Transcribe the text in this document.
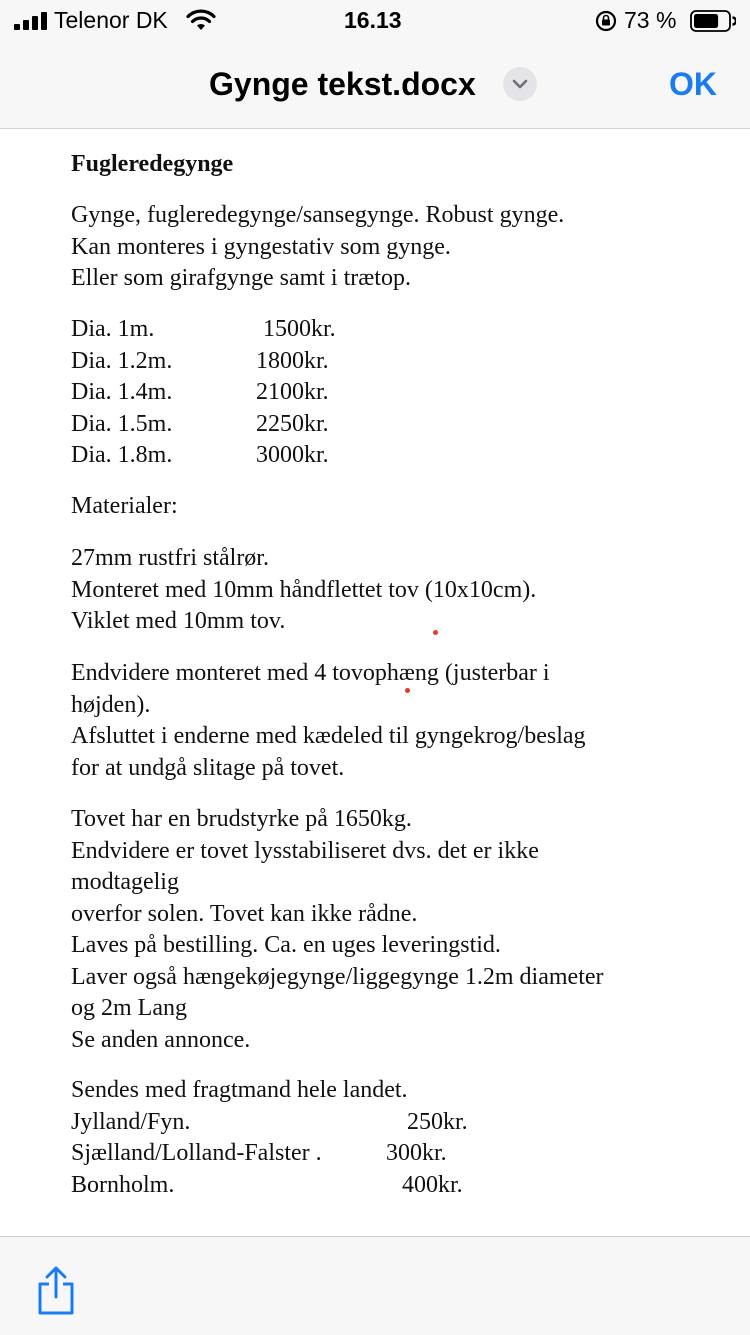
Telenor DK	16.13	73 %
Gynge tekst.docx	OK

Fugleredegynge

Gynge, fugleredegynge/sansegynge. Robust gynge.
Kan monteres i gyngestativ som gynge.
Eller som girafgynge samt i trætop.
Dia. 1m.	1500kr.
Dia. 1.2m.	1800kr.
Dia. 1.4m.	2100kr.
Dia. 1.5m.	2250kr.
Dia. 1.8m.	3000kr.

Materialer:

27mm rustfri stålrør.
Monteret med 10mm håndflettet tov (10x10cm).
Viklet med 10mm tov.
Endvidere monteret med 4 tovophæng (justerbar i
højden).
Afsluttet i enderne med kædeled til gyngekrog/beslag
for at undgå slitage på tovet.
Tovet har en brudstyrke på 1650kg.
Endvidere er tovet lysstabiliseret dvs. det er ikke
modtagelig
overfor solen. Tovet kan ikke rådne.
Laves på bestilling. Ca. en uges leveringstid.
Laver også hængekøjegynge/liggegynge 1.2m diameter
og 2m Lang
Se anden annonce.
Sendes med fragtmand hele landet.
Jylland/Fyn.	250kr.
Sjælland/Lolland-Falster .	300kr.
Bornholm.	400kr.
